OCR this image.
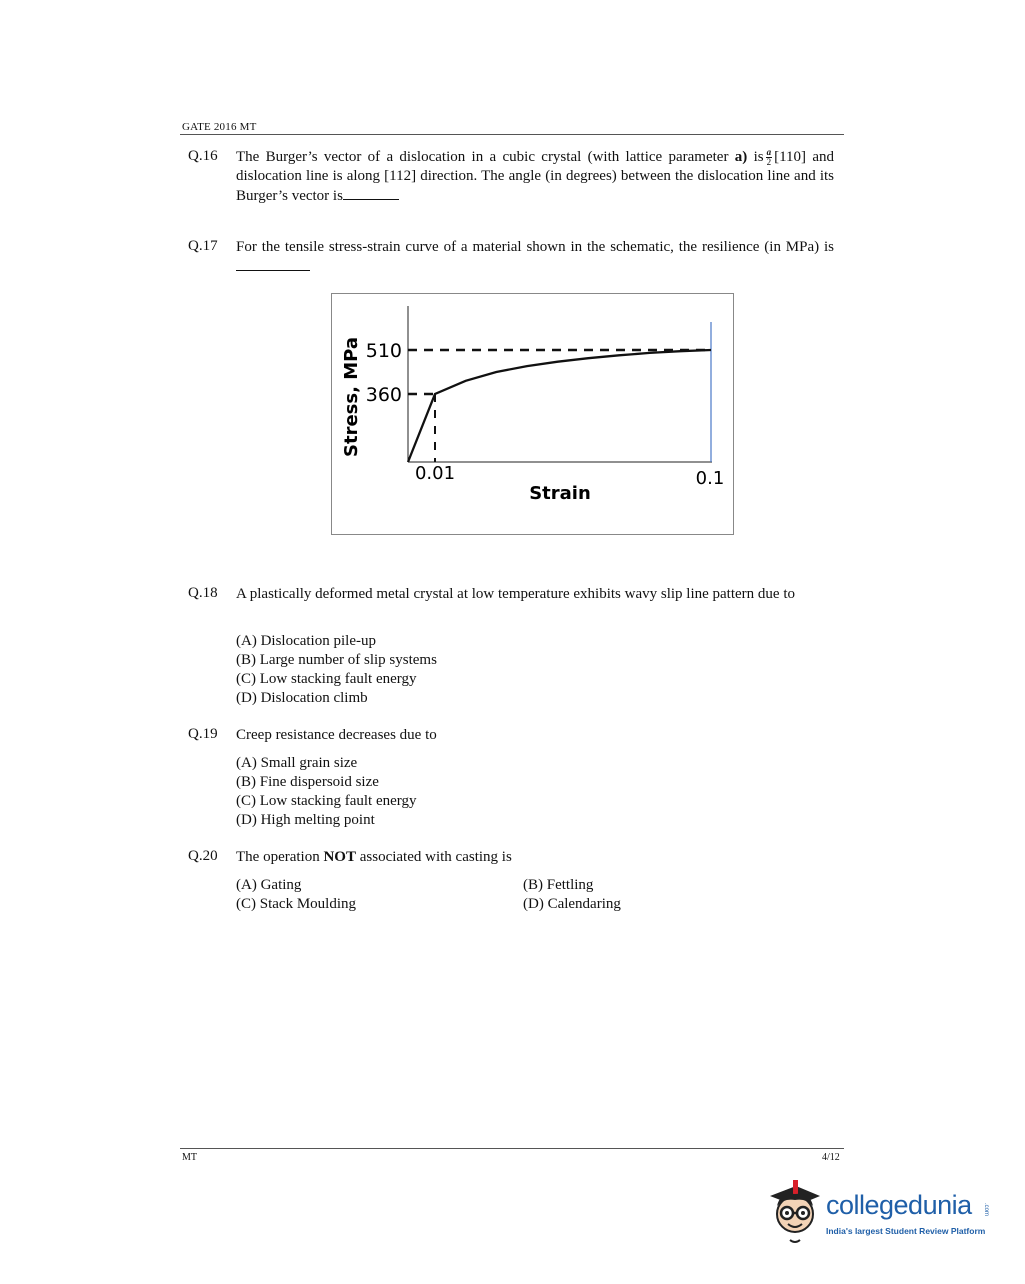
GATE 2016 MT
Q.16 The Burger’s vector of a dislocation in a cubic crystal (with lattice parameter a) is $\frac{a}{2} [110]$ and dislocation line is along [112] direction. The angle (in degrees) between the dislocation line and its Burger’s vector is
Q.17 For the tensile stress-strain curve of a material shown in the schematic, the resilience (in MPa) is
510
360
0.01	0.1
Strain
Stress, MPa
Q.18 A plastically deformed metal crystal at low temperature exhibits wavy slip line pattern due to
(A) Dislocation pile-up
(B) Large number of slip systems
(C) Low stacking fault energy
(D) Dislocation climb
Q.19 Creep resistance decreases due to
(A) Small grain size
(B) Fine dispersoid size
(C) Low stacking fault energy
(D) High melting point
Q.20 The operation NOT associated with casting is
(A) Gating	(B) Fettling
(C) Stack Moulding	(D) Calendaring
MT	4/12
collegedunia .com
India's largest Student Review Platform
